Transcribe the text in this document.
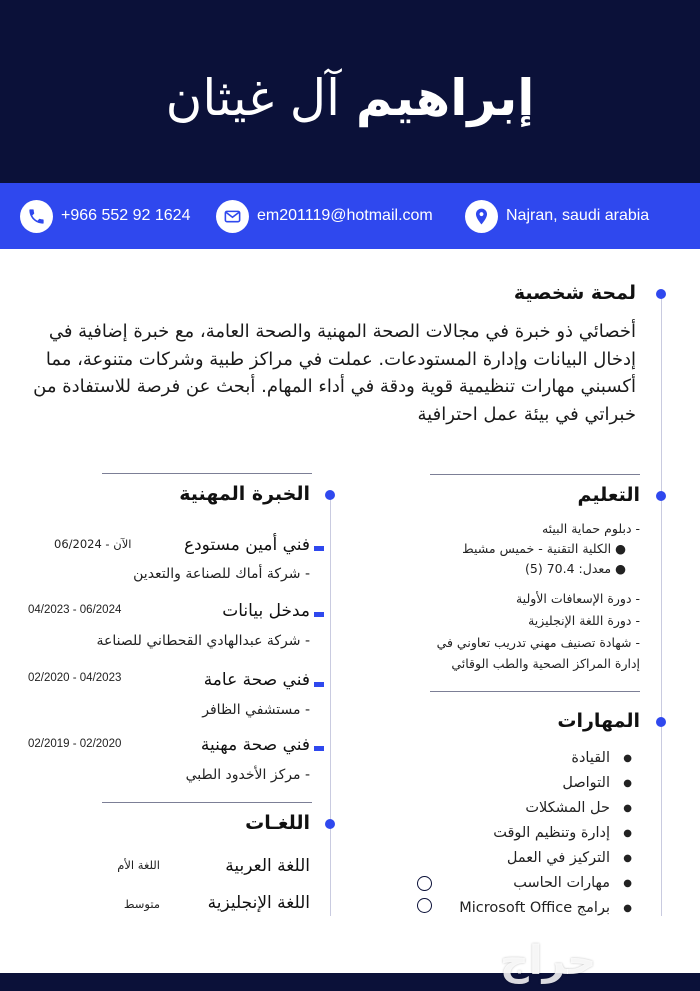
إبراهيم آل غيثان
+966 552 92 1624	em201119@hotmail.com	Najran, saudi arabia
لمحة شخصية
أخصائي ذو خبرة في مجالات الصحة المهنية والصحة العامة، مع خبرة إضافية في إدخال البيانات وإدارة المستودعات. عملت في مراكز طبية وشركات متنوعة، مما أكسبني مهارات تنظيمية قوية ودقة في أداء المهام. أبحث عن فرصة للاستفادة من خبراتي في بيئة عمل احترافية
التعليم
- دبلوم حماية البيئه
● الكلية التقنية - خميس مشيط
● معدل: 70.4 (5)
- دورة الإسعافات الأولية
- دورة اللغة الإنجليزية
- شهادة تصنيف مهني تدريب تعاوني في
إدارة المراكز الصحية والطب الوقائي
المهارات
● القيادة
● التواصل
● حل المشكلات
● إدارة وتنظيم الوقت
● التركيز في العمل
● مهارات الحاسب
● برامج Microsoft Office
الخبرة المهنية
فني أمين مستودع
06/2024 - الآن
- شركة أماك للصناعة والتعدين
مدخل بيانات
04/2023 - 06/2024
- شركة عبدالهادي القحطاني للصناعة
فني صحة عامة
02/2020 - 04/2023
- مستشفي الظافر
فني صحة مهنية
02/2019 - 02/2020
- مركز الأخدود الطبي
اللغـات
اللغة العربية
اللغة الأم
اللغة الإنجليزية
متوسط
حراج
